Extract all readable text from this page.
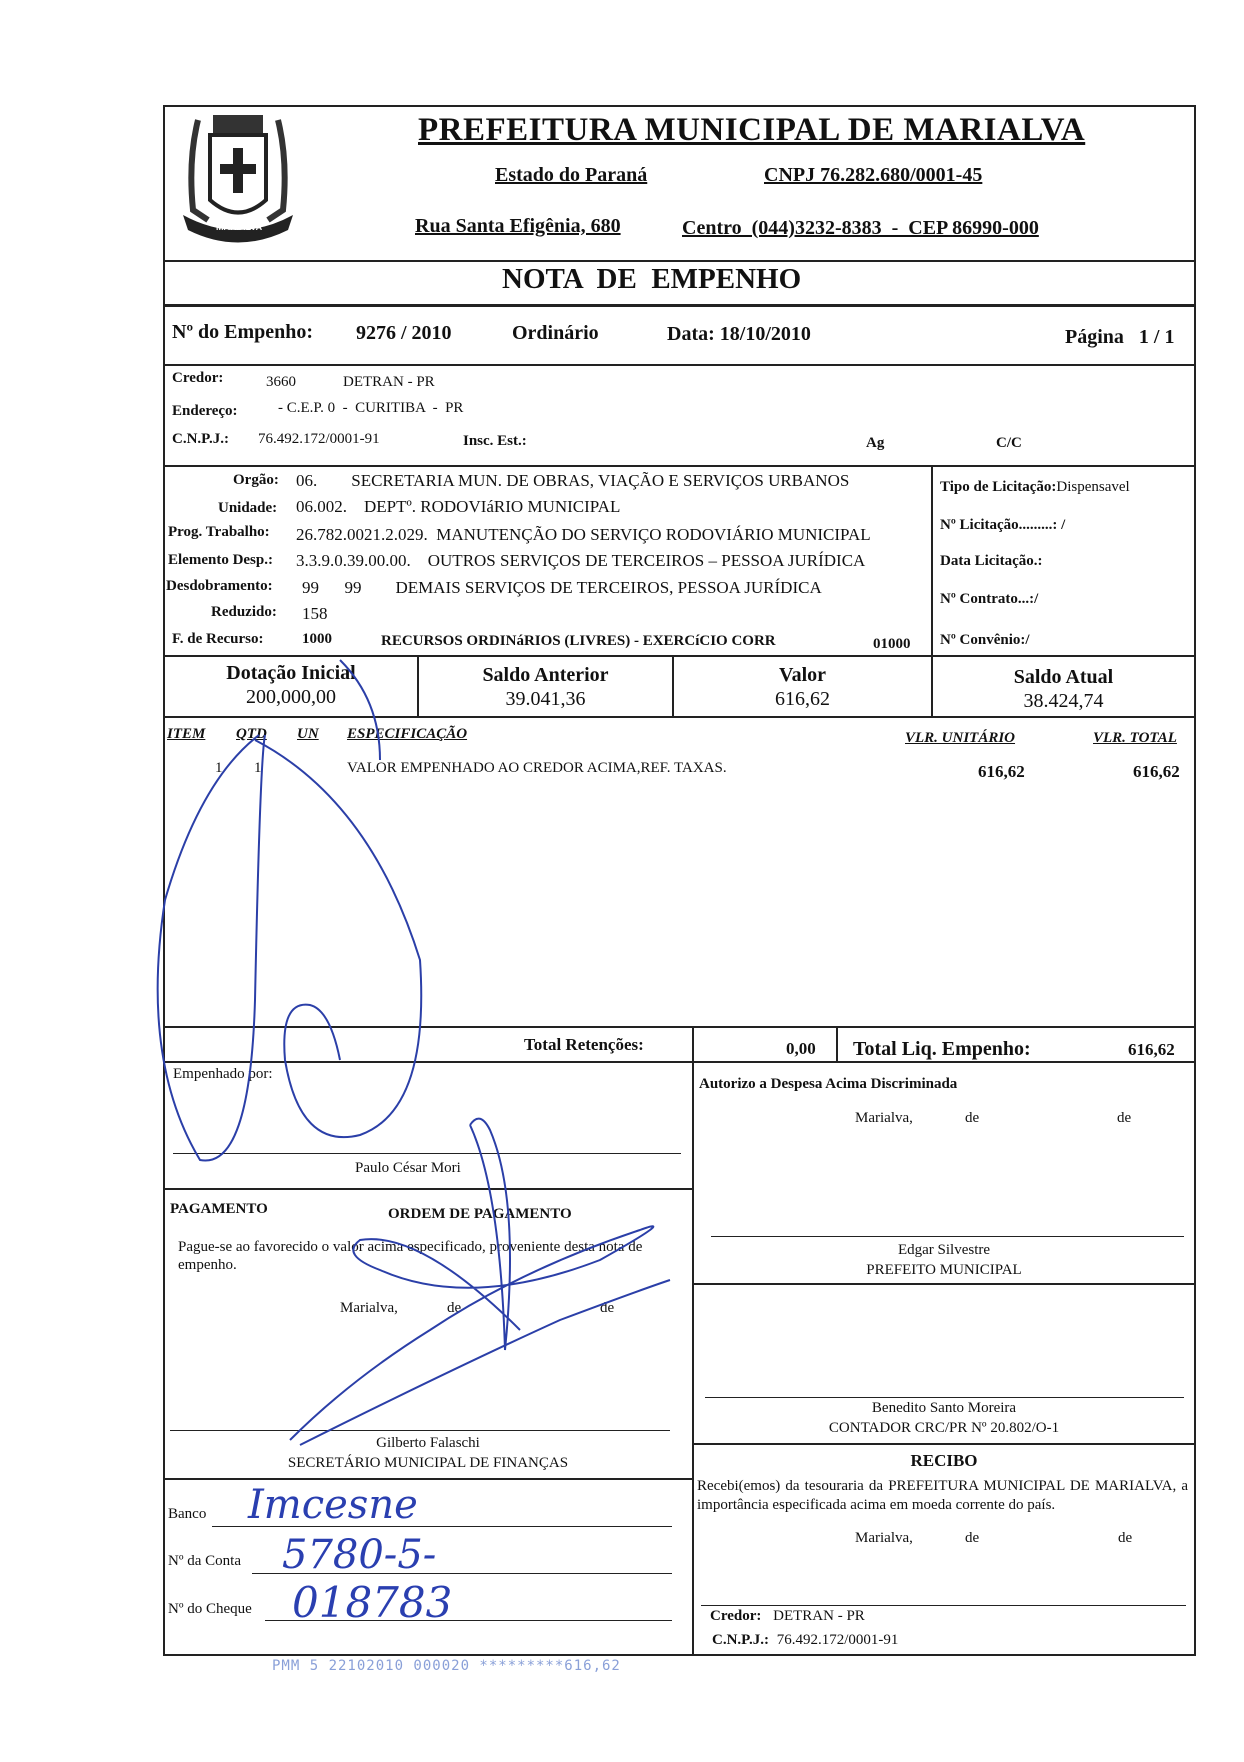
MARIALVA
PREFEITURA MUNICIPAL DE MARIALVA
Estado do Paraná	CNPJ 76.282.680/0001-45
Rua Santa Efigênia, 680	Centro  (044)3232-8383  -  CEP 86990-000
NOTA  DE  EMPENHO
Nº do Empenho: 9276 / 2010	Ordinário	Data: 18/10/2010	Página   1 / 1
Credor:	3660	DETRAN - PR
Endereço:	- C.E.P. 0  -  CURITIBA  -  PR
C.N.P.J.: 76.492.172/0001-91	Insc. Est.:	Ag	C/C
Orgão: 06.        SECRETARIA MUN. DE OBRAS, VIAÇÃO E SERVIÇOS URBANOS
Unidade: 06.002.    DEPTº. RODOVIáRIO MUNICIPAL
Prog. Trabalho: 26.782.0021.2.029.  MANUTENÇÃO DO SERVIÇO RODOVIÁRIO MUNICIPAL
Elemento Desp.: 3.3.9.0.39.00.00.    OUTROS SERVIÇOS DE TERCEIROS – PESSOA JURÍDICA
Desdobramento: 99      99        DEMAIS SERVIÇOS DE TERCEIROS, PESSOA JURÍDICA
Reduzido: 158
F. de Recurso:	1000	RECURSOS ORDINáRIOS (LIVRES) - EXERCíCIO CORR	01000
Tipo de Licitação:Dispensavel
Nº Licitação.........: /
Data Licitação.:
Nº Contrato...:/
Nº Convênio:/
Dotação Inicial
200,000,00
Saldo Anterior
39.041,36
Valor
616,62
Saldo Atual
38.424,74
ITEM QTD UN ESPECIFICAÇÃO	VLR. UNITÁRIO	VLR. TOTAL
1 1	VALOR EMPENHADO AO CREDOR ACIMA,REF. TAXAS.	616,62	616,62
Total Retenções:	0,00 Total Liq. Empenho:	616,62
Empenhado por:
Paulo César Mori
Autorizo a Despesa Acima Discriminada
Marialva,	de	de
Edgar Silvestre
PREFEITO MUNICIPAL
PAGAMENTO	ORDEM DE PAGAMENTO
Pague-se ao favorecido o valor acima especificado, proveniente desta nota de empenho.
Marialva,	de	de
Gilberto Falaschi
SECRETÁRIO MUNICIPAL DE FINANÇAS
Benedito Santo Moreira
CONTADOR CRC/PR Nº 20.802/O-1
Banco Imcesne
Nº da Conta 5780-5-
Nº do Cheque 018783
RECIBO
Recebi(emos) da tesouraria da PREFEITURA MUNICIPAL DE MARIALVA, a importância especificada acima em moeda corrente do país.
Marialva,	de	de
Credor: DETRAN - PR
C.N.P.J.: 76.492.172/0001-91
PMM 5 22102010 000020 *********616,62
